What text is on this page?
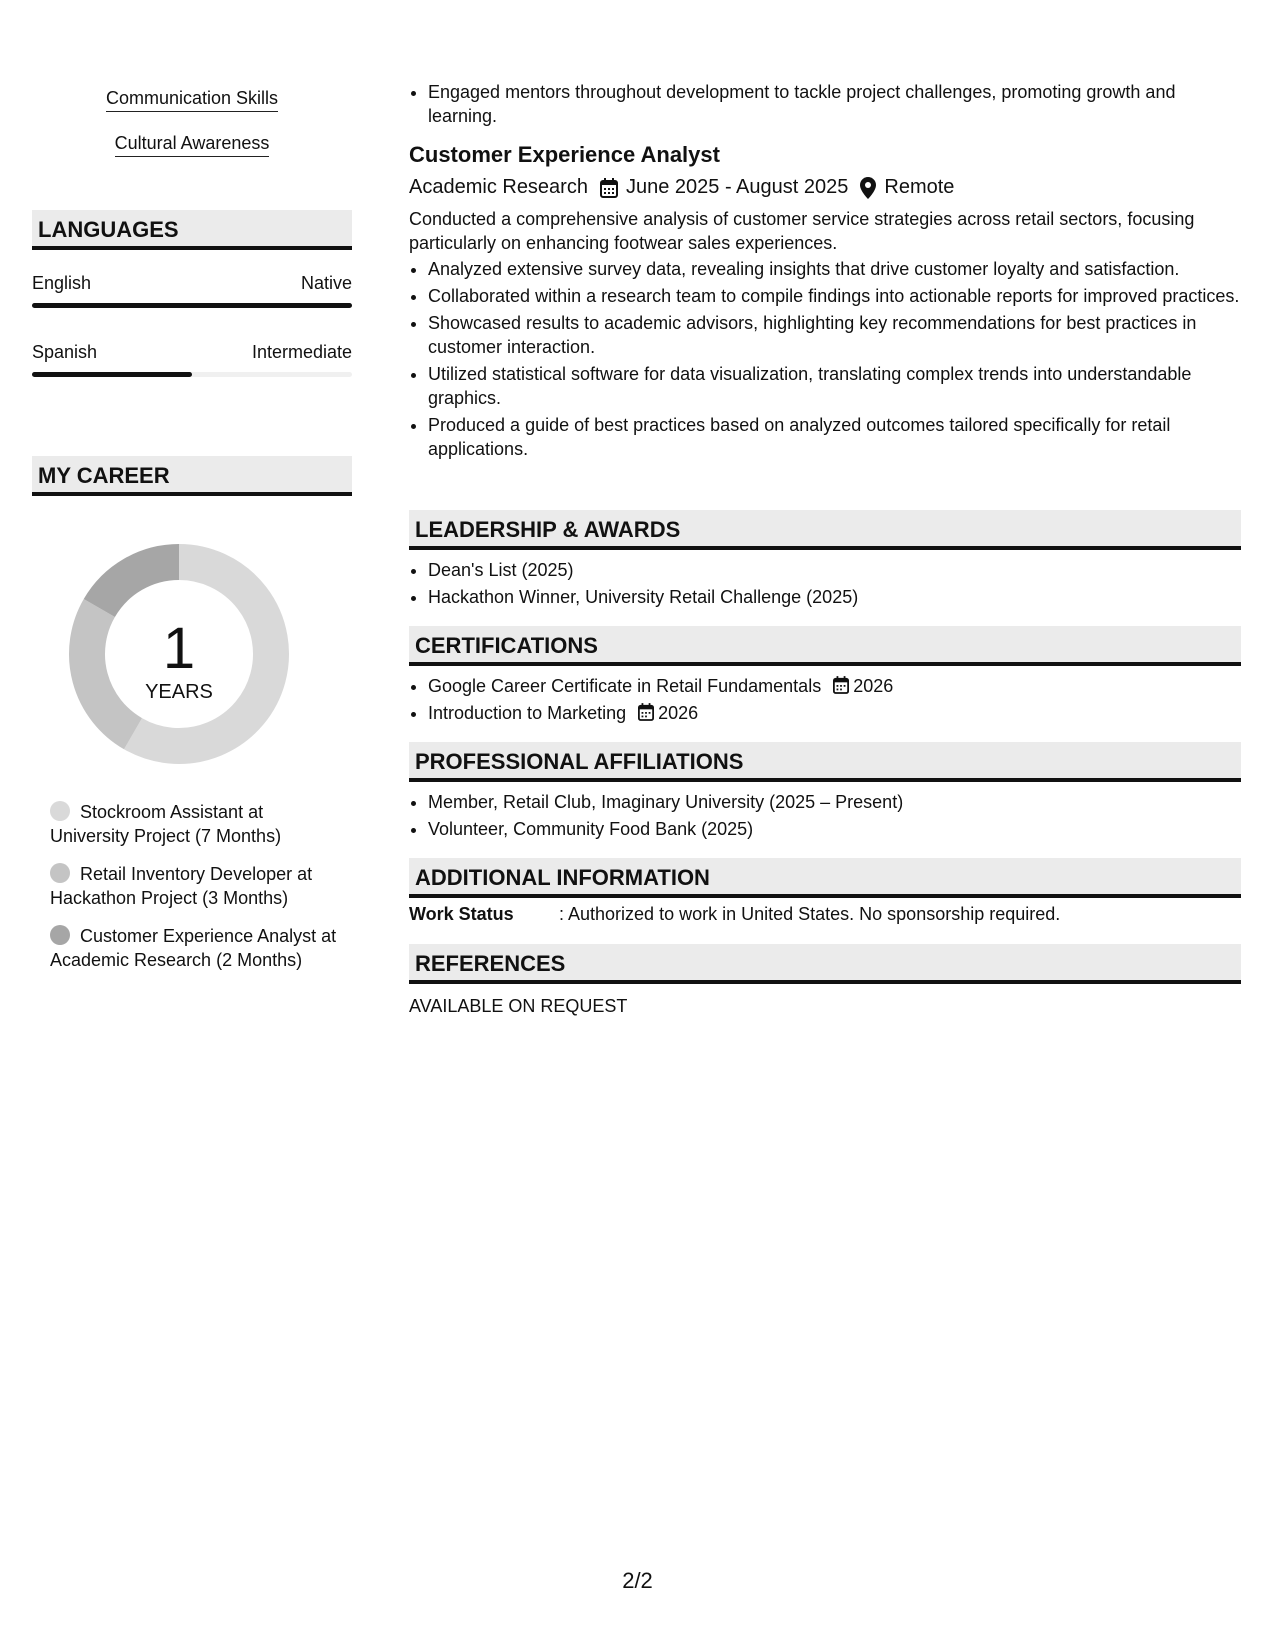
Communication Skills
Cultural Awareness
LANGUAGES
English	Native
Spanish	Intermediate
MY CAREER
1
YEARS
Stockroom Assistant at University Project (7 Months)
Retail Inventory Developer at Hackathon Project (3 Months)
Customer Experience Analyst at Academic Research (2 Months)
• Engaged mentors throughout development to tackle project challenges, promoting growth and learning.
Customer Experience Analyst
Academic Research June 2025 - August 2025 Remote
Conducted a comprehensive analysis of customer service strategies across retail sectors, focusing particularly on enhancing footwear sales experiences.
• Analyzed extensive survey data, revealing insights that drive customer loyalty and satisfaction.
• Collaborated within a research team to compile findings into actionable reports for improved practices.
• Showcased results to academic advisors, highlighting key recommendations for best practices in customer interaction.
• Utilized statistical software for data visualization, translating complex trends into understandable graphics.
• Produced a guide of best practices based on analyzed outcomes tailored specifically for retail applications.
LEADERSHIP & AWARDS
• Dean's List (2025)
• Hackathon Winner, University Retail Challenge (2025)
CERTIFICATIONS
• Google Career Certificate in Retail Fundamentals 2026
• Introduction to Marketing 2026
PROFESSIONAL AFFILIATIONS
• Member, Retail Club, Imaginary University (2025 – Present)
• Volunteer, Community Food Bank (2025)
ADDITIONAL INFORMATION
Work Status	: Authorized to work in United States. No sponsorship required.
REFERENCES
AVAILABLE ON REQUEST
2/2
